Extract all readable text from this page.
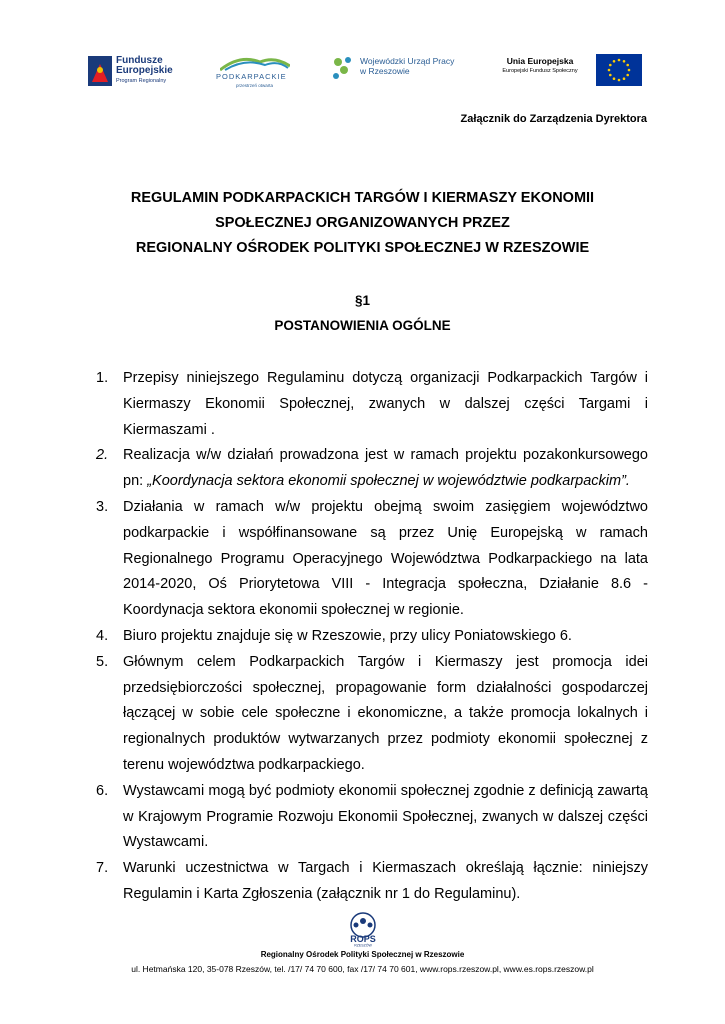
Fundusze
Europejskie
Program Regionalny	PODKARPACKIE
przestrzeń otwarta
Wojewódzki Urząd Pracy
w Rzeszowie
Unia Europejska
Europejski Fundusz Społeczny
Załącznik do Zarządzenia Dyrektora
REGULAMIN PODKARPACKICH TARGÓW I KIERMASZY EKONOMII
SPOŁECZNEJ ORGANIZOWANYCH PRZEZ
REGIONALNY OŚRODEK POLITYKI SPOŁECZNEJ W RZESZOWIE
§1
POSTANOWIENIA OGÓLNE
1.	Przepisy niniejszego Regulaminu dotyczą organizacji Podkarpackich Targów i Kiermaszy Ekonomii Społecznej, zwanych w dalszej części Targami i Kiermaszami .
2.	Realizacja w/w działań prowadzona jest w ramach projektu pozakonkursowego pn: „Koordynacja sektora ekonomii społecznej w województwie podkarpackim”.
3.	Działania w ramach w/w projektu obejmą swoim zasięgiem województwo podkarpackie i współfinansowane są przez Unię Europejską w ramach Regionalnego Programu Operacyjnego Województwa Podkarpackiego na lata 2014-2020, Oś Priorytetowa VIII - Integracja społeczna, Działanie 8.6 - Koordynacja sektora ekonomii społecznej w regionie.
4.	Biuro projektu znajduje się w Rzeszowie, przy ulicy Poniatowskiego 6.
5.	Głównym celem Podkarpackich Targów i Kiermaszy jest promocja idei przedsiębiorczości społecznej, propagowanie form działalności gospodarczej łączącej w sobie cele społeczne i ekonomiczne, a także promocja lokalnych i regionalnych produktów wytwarzanych przez podmioty ekonomii społecznej z terenu województwa podkarpackiego.
6.	Wystawcami mogą być podmioty ekonomii społecznej zgodnie z definicją zawartą w Krajowym Programie Rozwoju Ekonomii Społecznej, zwanych w dalszej części Wystawcami.
7.	Warunki uczestnictwa w Targach i Kiermaszach określają łącznie: niniejszy Regulamin i Karta Zgłoszenia (załącznik nr 1 do Regulaminu).
ROPS
RZESZÓW
Regionalny Ośrodek Polityki Społecznej w Rzeszowie
ul. Hetmańska 120, 35-078 Rzeszów, tel. /17/ 74 70 600, fax /17/ 74 70 601, www.rops.rzeszow.pl, www.es.rops.rzeszow.pl
